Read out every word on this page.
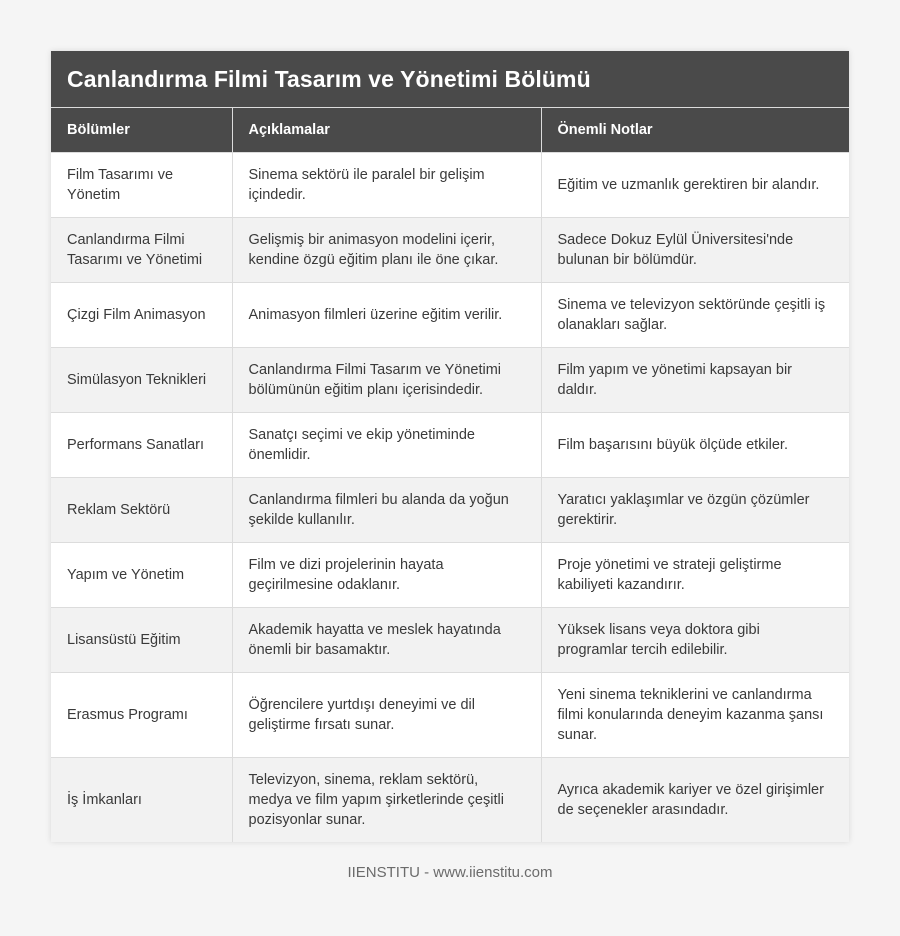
Canlandırma Filmi Tasarım ve Yönetimi Bölümü
Bölümler	Açıklamalar	Önemli Notlar
Film Tasarımı ve Yönetim	Sinema sektörü ile paralel bir gelişim içindedir.	Eğitim ve uzmanlık gerektiren bir alandır.
Canlandırma Filmi Tasarımı ve Yönetimi	Gelişmiş bir animasyon modelini içerir, kendine özgü eğitim planı ile öne çıkar.	Sadece Dokuz Eylül Üniversitesi'nde bulunan bir bölümdür.
Çizgi Film Animasyon	Animasyon filmleri üzerine eğitim verilir.	Sinema ve televizyon sektöründe çeşitli iş olanakları sağlar.
Simülasyon Teknikleri	Canlandırma Filmi Tasarım ve Yönetimi bölümünün eğitim planı içerisindedir.	Film yapım ve yönetimi kapsayan bir daldır.
Performans Sanatları	Sanatçı seçimi ve ekip yönetiminde önemlidir.	Film başarısını büyük ölçüde etkiler.
Reklam Sektörü	Canlandırma filmleri bu alanda da yoğun şekilde kullanılır.	Yaratıcı yaklaşımlar ve özgün çözümler gerektirir.
Yapım ve Yönetim	Film ve dizi projelerinin hayata geçirilmesine odaklanır.	Proje yönetimi ve strateji geliştirme kabiliyeti kazandırır.
Lisansüstü Eğitim	Akademik hayatta ve meslek hayatında önemli bir basamaktır.	Yüksek lisans veya doktora gibi programlar tercih edilebilir.
Erasmus Programı	Öğrencilere yurtdışı deneyimi ve dil geliştirme fırsatı sunar.	Yeni sinema tekniklerini ve canlandırma filmi konularında deneyim kazanma şansı sunar.
İş İmkanları	Televizyon, sinema, reklam sektörü, medya ve film yapım şirketlerinde çeşitli pozisyonlar sunar.	Ayrıca akademik kariyer ve özel girişimler de seçenekler arasındadır.
IIENSTITU - www.iienstitu.com
